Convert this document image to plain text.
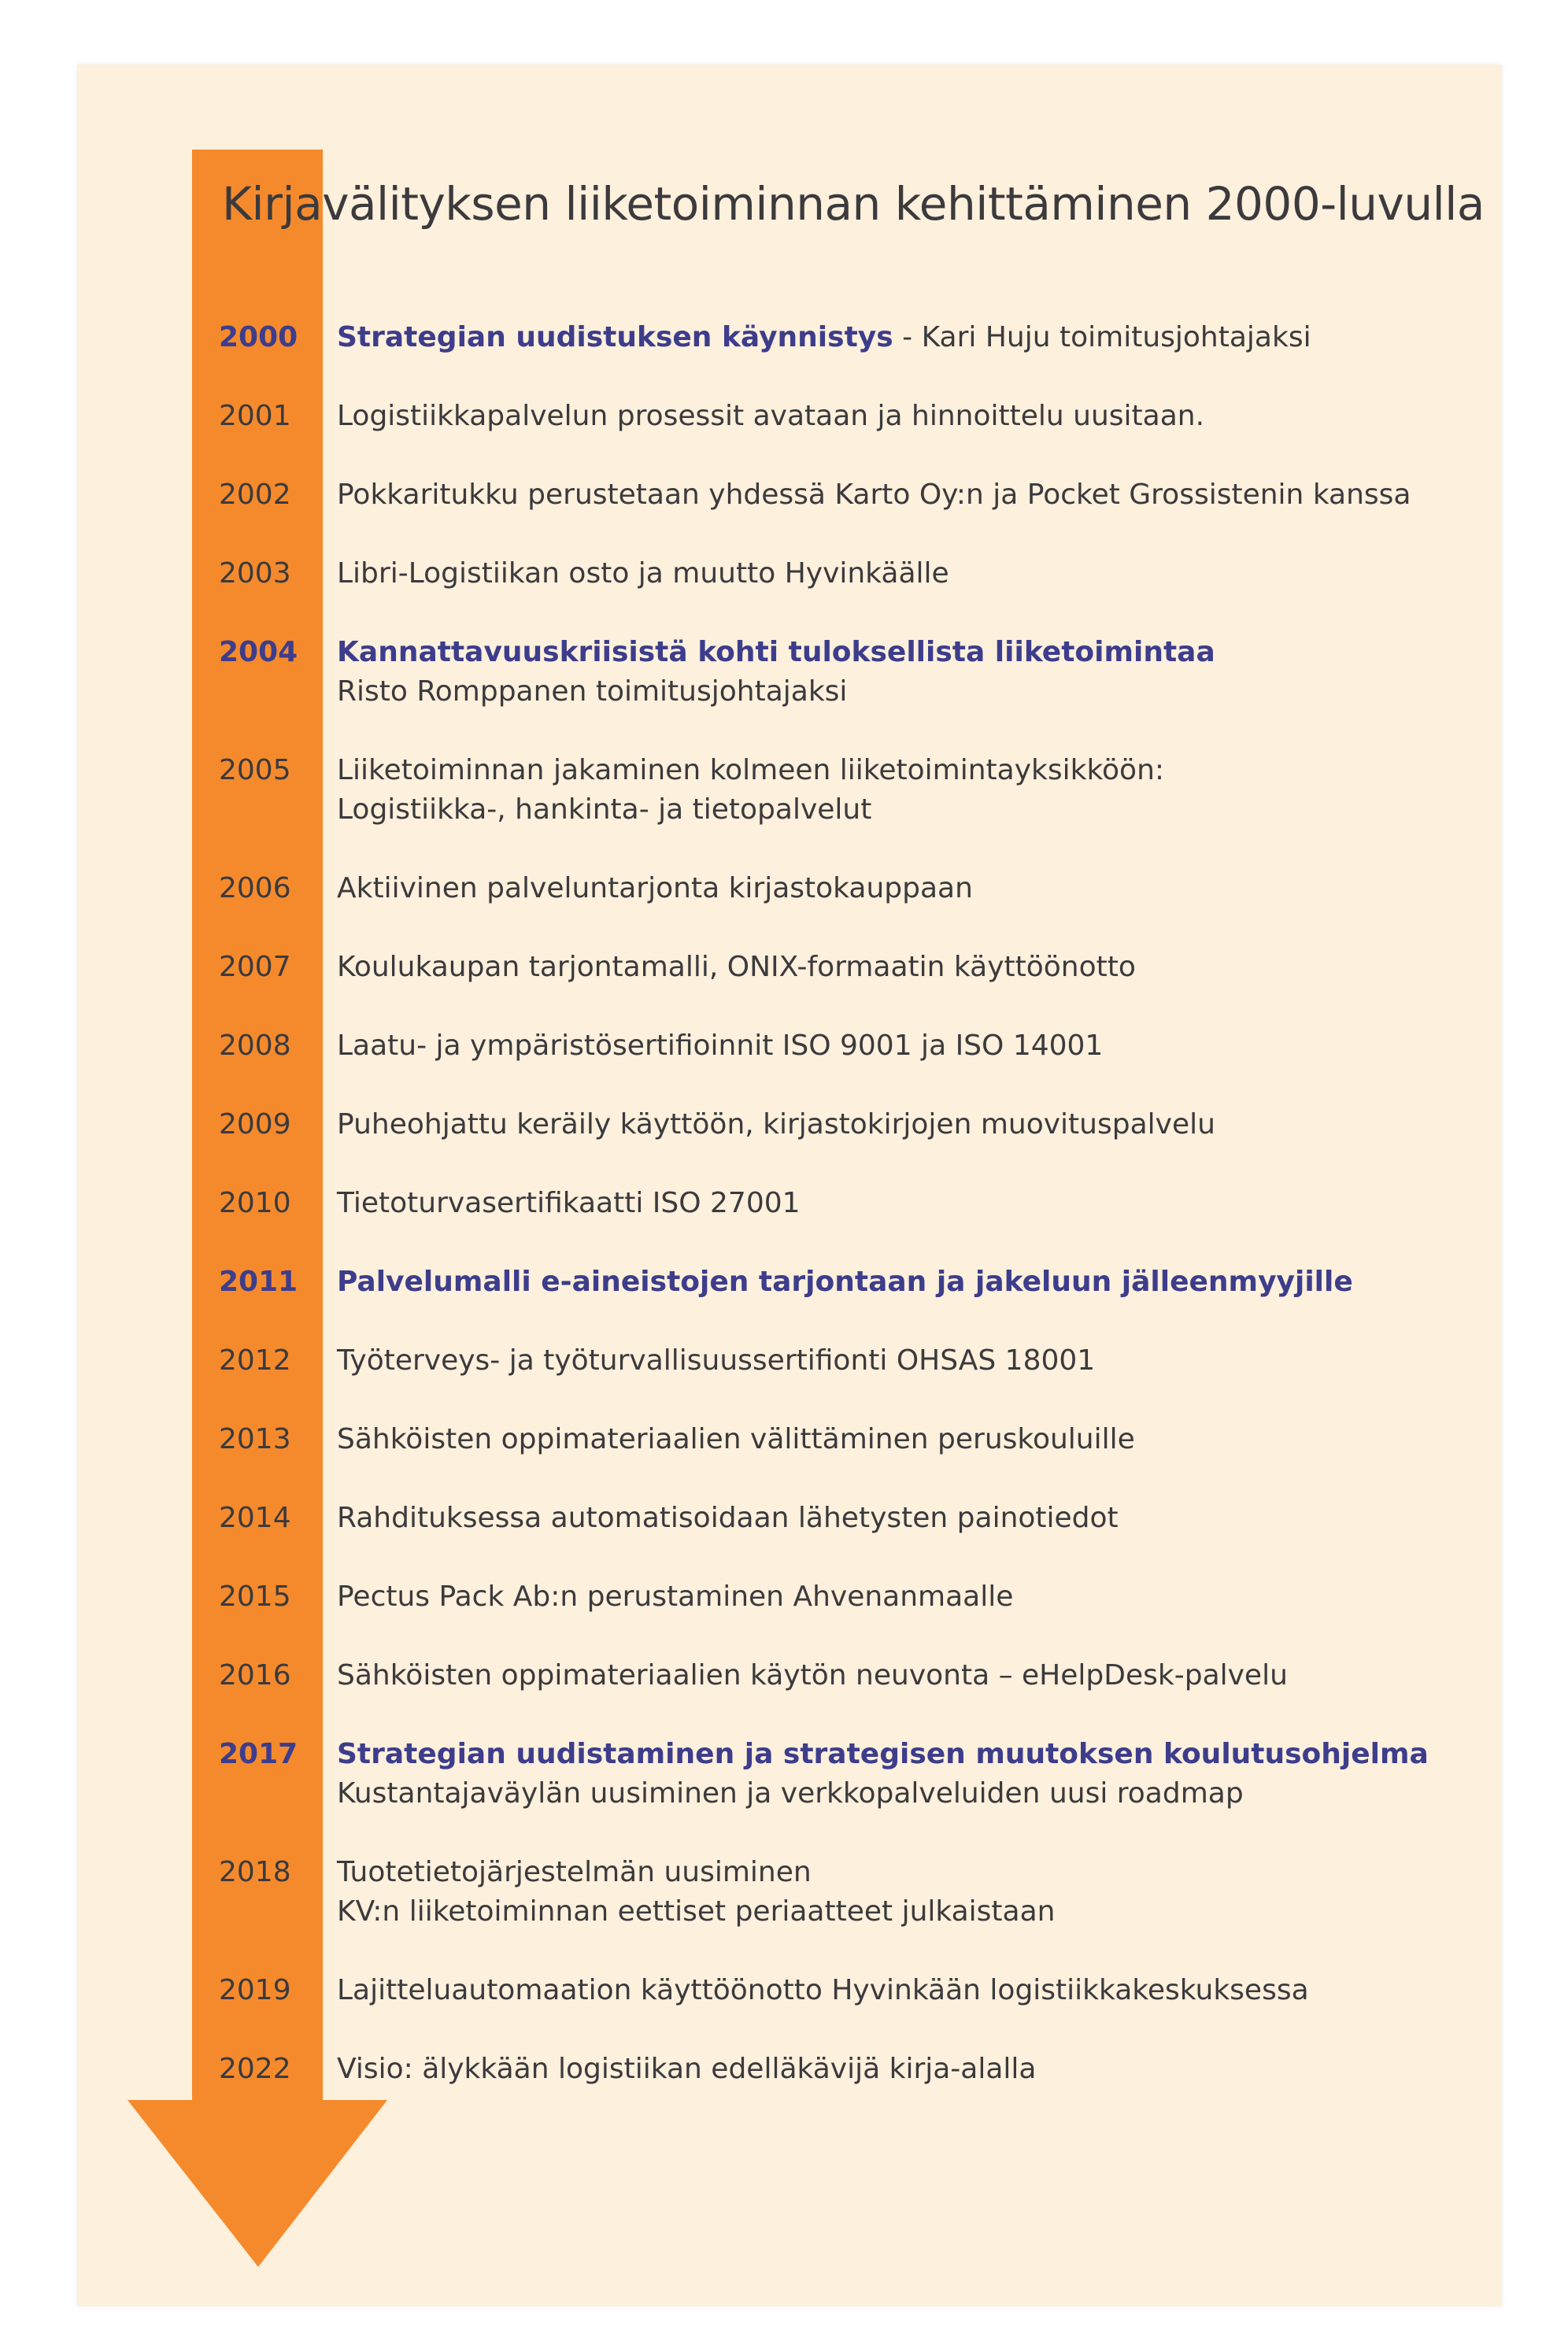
Kirjavälityksen liiketoiminnan kehittäminen 2000-luvulla
2000	Strategian uudistuksen käynnistys - Kari Huju toimitusjohtajaksi
2001	Logistiikkapalvelun prosessit avataan ja hinnoittelu uusitaan.
2002	Pokkaritukku perustetaan yhdessä Karto Oy:n ja Pocket Grossistenin kanssa
2003	Libri-Logistiikan osto ja muutto Hyvinkäälle
2004	Kannattavuuskriisistä kohti tuloksellista liiketoimintaa
Risto Romppanen toimitusjohtajaksi
2005	Liiketoiminnan jakaminen kolmeen liiketoimintayksikköön:
Logistiikka-, hankinta- ja tietopalvelut
2006	Aktiivinen palveluntarjonta kirjastokauppaan
2007	Koulukaupan tarjontamalli, ONIX-formaatin käyttöönotto
2008	Laatu- ja ympäristösertifioinnit ISO 9001 ja ISO 14001
2009	Puheohjattu keräily käyttöön, kirjastokirjojen muovituspalvelu
2010	Tietoturvasertifikaatti ISO 27001
2011	Palvelumalli e-aineistojen tarjontaan ja jakeluun jälleenmyyjille
2012	Työterveys- ja työturvallisuussertifionti OHSAS 18001
2013	Sähköisten oppimateriaalien välittäminen peruskouluille
2014	Rahdituksessa automatisoidaan lähetysten painotiedot
2015	Pectus Pack Ab:n perustaminen Ahvenanmaalle
2016	Sähköisten oppimateriaalien käytön neuvonta – eHelpDesk-palvelu
2017	Strategian uudistaminen ja strategisen muutoksen koulutusohjelma
Kustantajaväylän uusiminen ja verkkopalveluiden uusi roadmap
2018	Tuotetietojärjestelmän uusiminen
KV:n liiketoiminnan eettiset periaatteet julkaistaan
2019	Lajitteluautomaation käyttöönotto Hyvinkään logistiikkakeskuksessa
2022	Visio: älykkään logistiikan edelläkävijä kirja-alalla
